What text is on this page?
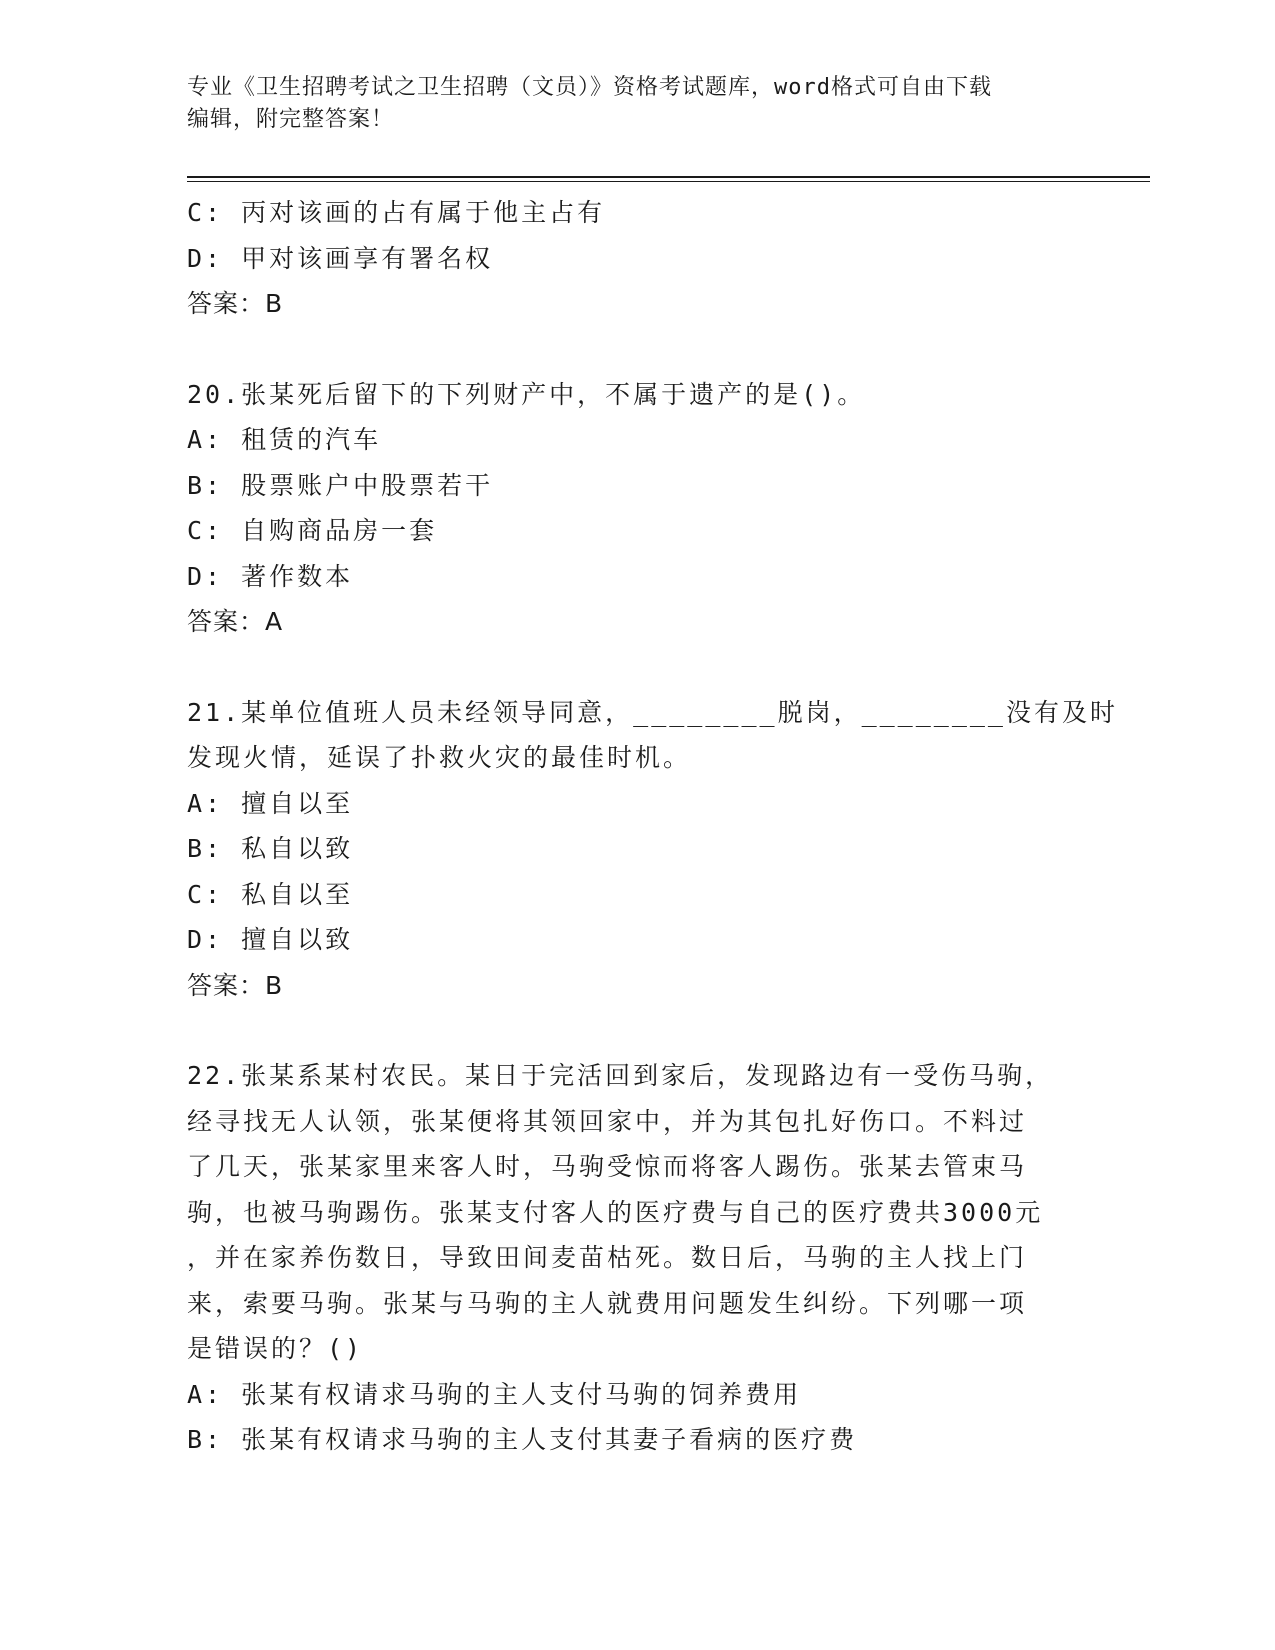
专业《卫生招聘考试之卫生招聘（文员）》资格考试题库，word格式可自由下载
编辑，附完整答案！
C: 丙对该画的占有属于他主占有
D: 甲对该画享有署名权
答案：B
20.张某死后留下的下列财产中，不属于遗产的是()。
A: 租赁的汽车
B: 股票账户中股票若干
C: 自购商品房一套
D: 著作数本
答案：A
21.某单位值班人员未经领导同意，________脱岗，________没有及时
发现火情，延误了扑救火灾的最佳时机。
A: 擅自以至
B: 私自以致
C: 私自以至
D: 擅自以致
答案：B
22.张某系某村农民。某日于完活回到家后，发现路边有一受伤马驹，
经寻找无人认领，张某便将其领回家中，并为其包扎好伤口。不料过
了几天，张某家里来客人时，马驹受惊而将客人踢伤。张某去管束马
驹，也被马驹踢伤。张某支付客人的医疗费与自己的医疗费共3000元
，并在家养伤数日，导致田间麦苗枯死。数日后，马驹的主人找上门
来，索要马驹。张某与马驹的主人就费用问题发生纠纷。下列哪一项
是错误的？()
A: 张某有权请求马驹的主人支付马驹的饲养费用
B: 张某有权请求马驹的主人支付其妻子看病的医疗费
